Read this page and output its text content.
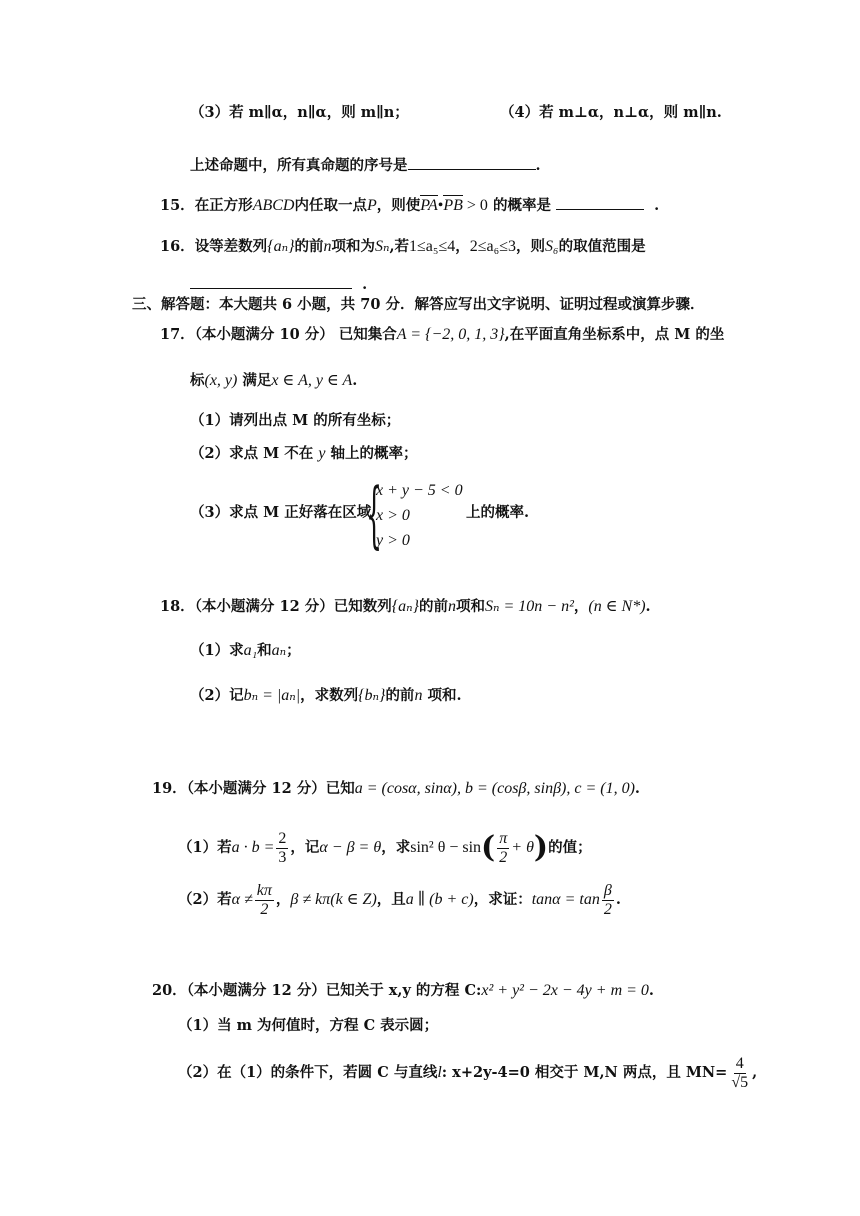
（3）若 m∥α，n∥α，则 m∥n；	（4）若 m⊥α，n⊥α，则 m∥n.
上述命题中，所有真命题的序号是	.
15．在正方形ABCD内任取一点P，则使PA•PB > 0 的概率是	.
16．设等差数列{aₙ}的前n项和为Sₙ,若1≤a₅≤4，2≤a₆≤3，则S₆的取值范围是
.
三、解答题：本大题共 6 小题，共 70 分．解答应写出文字说明、证明过程或演算步骤．
17．（本小题满分 10 分） 已知集合A = {−2, 0, 1, 3},在平面直角坐标系中，点 M 的坐
标(x, y) 满足x ∈ A, y ∈ A.
（1）请列出点 M 的所有坐标；
（2）求点 M 不在 y 轴上的概率；
（3）求点 M 正好落在区域
{
x + y − 5 < 0
x > 0
y > 0
上的概率.
18．（本小题满分 12 分）已知数列{aₙ}的前n项和Sₙ = 10n − n²，(n ∈ N*).
（1）求a₁和aₙ；
（2）记bₙ = |aₙ|，求数列{bₙ}的前n 项和.
19．（本小题满分 12 分）已知a = (cosα, sinα), b = (cosβ, sinβ), c = (1, 0).
（1）若$a \cdot b = \frac{2}{3}$ ，记α − β = θ，求sin² $\theta - \sin( \frac{\pi}{2} + \theta)$的值；
（2）若$\alpha \ne \frac{k\pi}{2}$ ，β ≠ kπ(k ∈ Z)，且a ∥ (b + c)，求证：$\tan\alpha = \tan \frac{\beta}{2}$ .
20．（本小题满分 12 分）已知关于 x,y 的方程 C:x² + y² − 2x − 4y + m = 0.
（1）当 m 为何值时，方程 C 表示圆；
（2）在（1）的条件下，若圆 C 与直线l: x+2y-4=0 相交于 M,N 两点，且 $MN= \frac{4}{√5}$ ,
